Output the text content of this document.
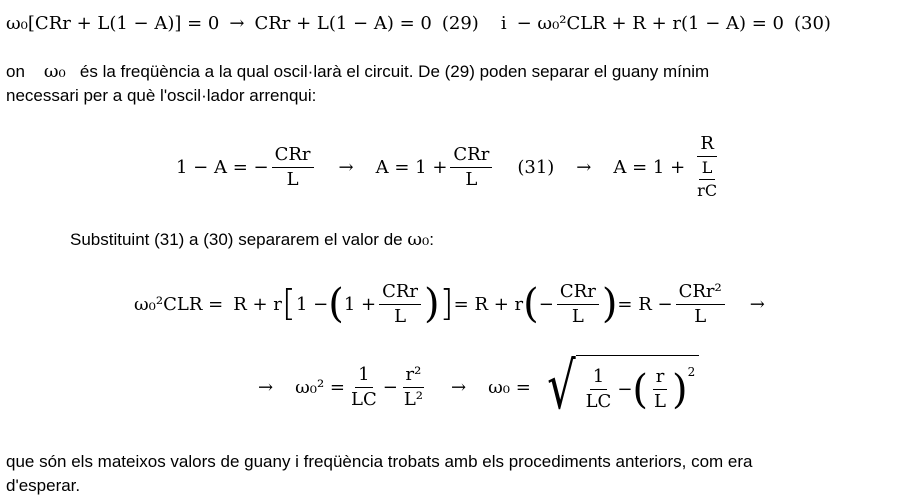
ω₀[CRr + L(1 − A)] = 0 → CRr + L(1 − A) = 0 (29) i − ω₀²CLR + R + r(1 − A) = 0 (30)
on ω₀ és la freqüència a la qual oscil·larà el circuit. De (29) poden separar el guany mínim
necessari per a què l'oscil·lador arrenqui:
1 − A = − $\frac{\text{CRr}}{L} \to A = 1 + \frac{\text{CRr}}{L} (31) \to A = 1 + \frac{R}{\frac{L}{rC}}$
Substituint (31) a (30) separarem el valor de ω₀:
ω₀²CLR = R + r [ 1 − ( $1 + \frac{\text{CRr}}{L}$ ) ] = R + r ( − $\frac{\text{CRr}}{L}$ ) = $R - \frac{\text{CRr²}}{L}$ →
→ $\omega_0^2 = \frac{1}{LC} - \frac{\text{r²}}{\text{L²}} \to \omega_0$ = √ $\frac{1}{LC}$ − ( $\frac{r}{L}$ ) 2
que són els mateixos valors de guany i freqüència trobats amb els procediments anteriors, com era
d'esperar.
